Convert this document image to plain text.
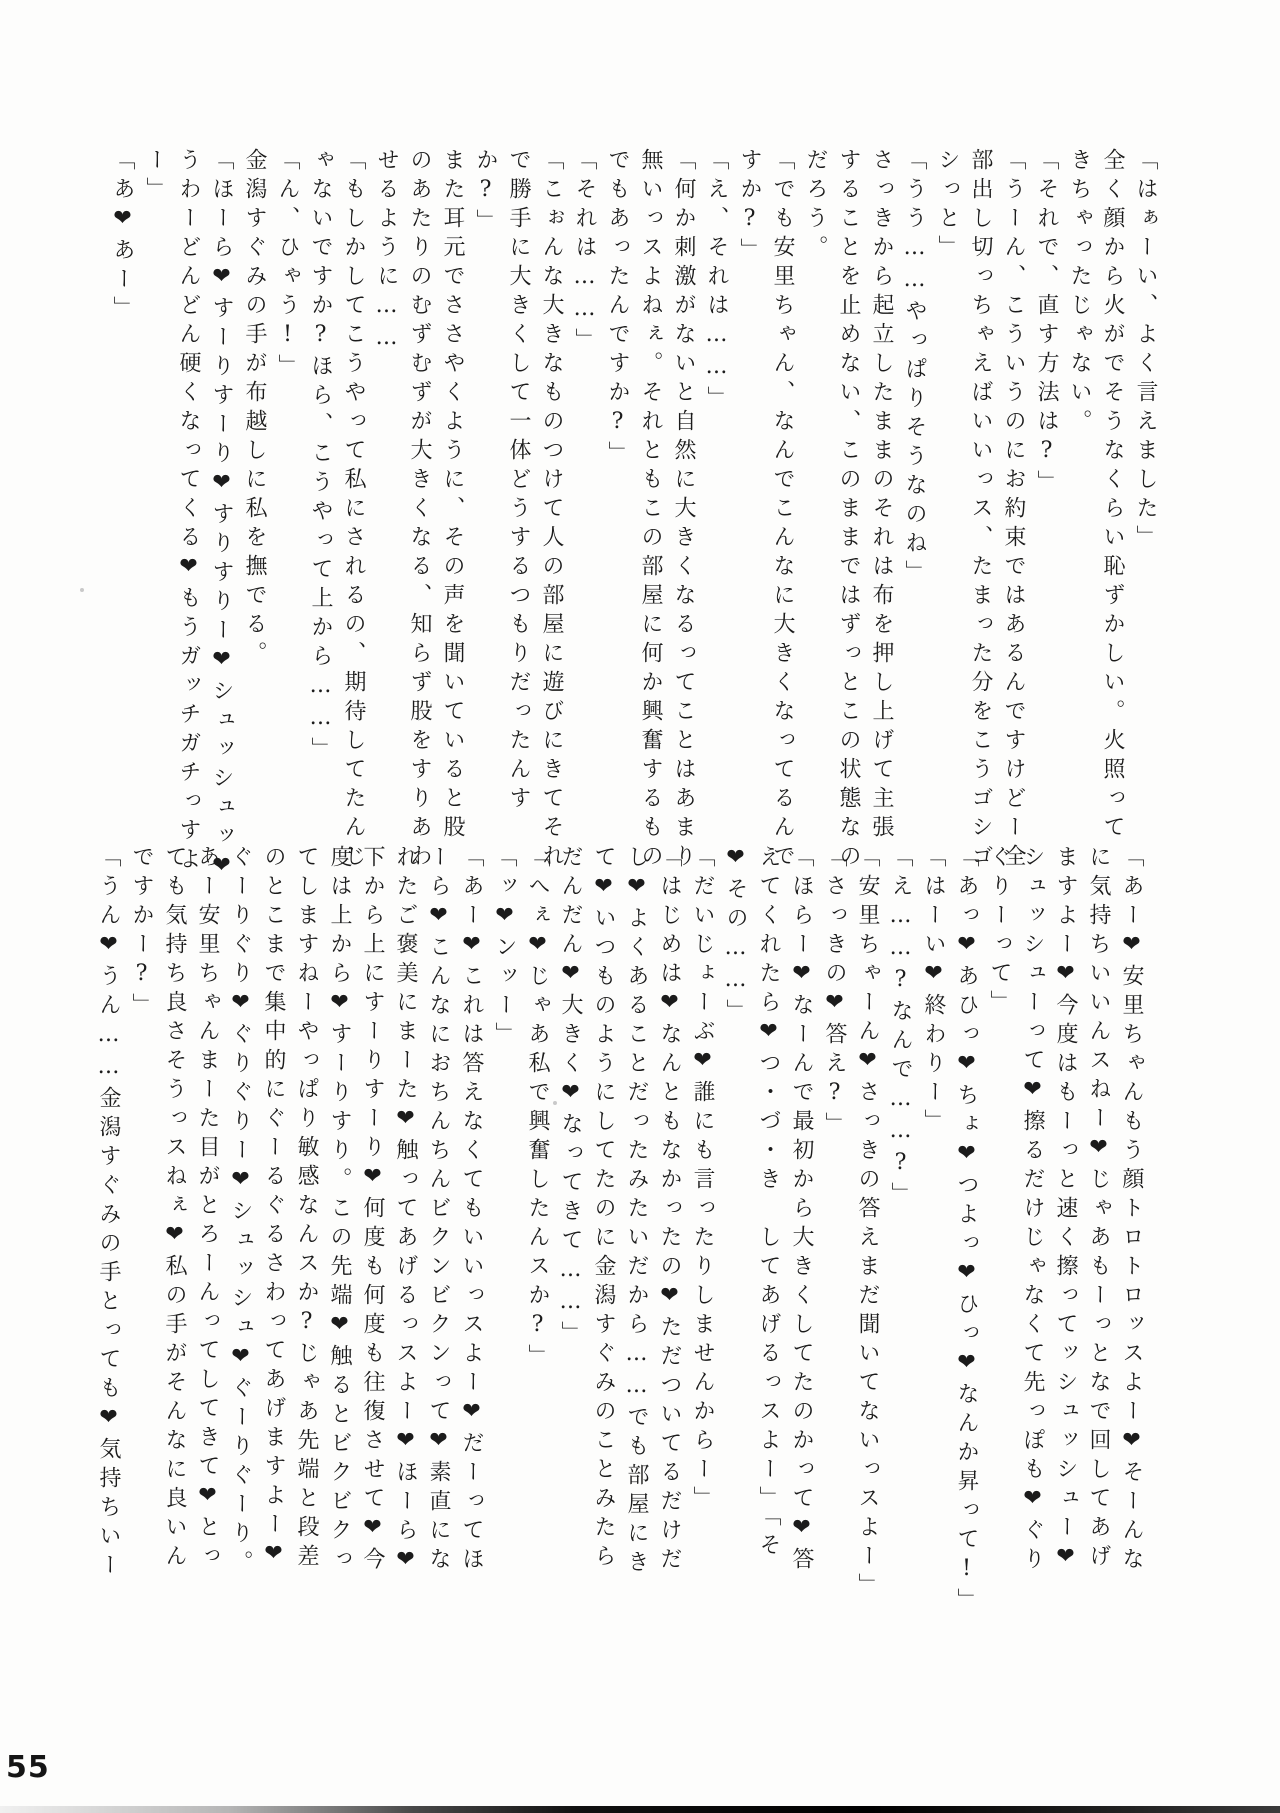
「はぁーい、よく言えました」
全く顔から火がでそうなくらい恥ずかしい。火照って
きちゃったじゃない。
「それで、直す方法は?」
「うーん、こういうのにお約束ではあるんですけどー全
部出し切っちゃえばいいっス、たまった分をこうゴシゴ
シっと」
「うう……やっぱりそうなのね」
さっきから起立したままのそれは布を押し上げて主張
することを止めない、このままではずっとこの状態なの
だろう。
「でも安里ちゃん、なんでこんなに大きくなってるんで
すか?」
「え、それは……」
「何か刺激がないと自然に大きくなるってことはあまり
無いっスよねぇ。それともこの部屋に何か興奮するもの
でもあったんですか?」
「それは……」
「こぉんな大きなものつけて人の部屋に遊びにきてそれ
で勝手に大きくして一体どうするつもりだったんす
か?」
また耳元でささやくように、その声を聞いていると股
のあたりのむずむずが大きくなる、知らず股をすりあわ
せるように……
「もしかしてこうやって私にされるの、期待してたんじ
ゃないですか?ほら、こうやって上から……」
「ん、ひゃう!」
金潟すぐみの手が布越しに私を撫でる。
「ほーら❤すーりすーり❤すりすりー❤シュッシュッ❤
うわーどんどん硬くなってくる❤もうガッチガチっすよ
ー」
「あ❤あー」
「あー❤安里ちゃんもう顔トロトロッスよー❤そーんな
に気持ちいいんスねー❤じゃあもーっとなで回してあげ
ますよー❤今度はもーっと速く擦ってッシュッシュー❤
シュッシューって❤擦るだけじゃなくて先っぽも❤ぐり
ぐりーって」
「あっ❤あひっ❤ちょ❤つよっ❤ひっ❤なんか昇って!」
「はーい❤終わりー」
「え……?なんで……?」
「安里ちゃーん❤さっきの答えまだ聞いてないっスよー」
「さっきの❤答え?」
「ほらー❤なーんで最初から大きくしてたのかって❤答
えてくれたら❤つ・づ・き　してあげるっスよー」「そ
❤その……」
「だいじょーぶ❤誰にも言ったりしませんからー」
「はじめは❤なんともなかったの❤ただついてるだけだ
し❤よくあることだったみたいだから……でも部屋にき
て❤いつものようにしてたのに金潟すぐみのことみたら
だんだん❤大きく❤なってきて……」
「へぇ❤じゃあ私で興奮したんスか?」
「ッ❤ンッー」
「あー❤これは答えなくてもいいっスよー❤だーってほ
ーら❤こんなにおちんちんビクンビクンって❤素直にな
れたご褒美にまーた❤触ってあげるっスよー❤ほーら❤
下から上にすーりすーり❤何度も何度も往復させて❤今
度は上から❤すーりすり。この先端❤触るとビクビクっ
てしますねーやっぱり敏感なんスか?じゃあ先端と段差
のとこまで集中的にぐーるぐるさわってあげますよー❤
ぐーりぐり❤ぐりぐりー❤シュッシュ❤ぐーりぐーり。
あー安里ちゃんまーた目がとろーんってしてきて❤とっ
ても気持ち良さそうっスねぇ❤私の手がそんなに良いん
ですかー?」
「うん❤うん……金潟すぐみの手とっても❤気持ちいー
55
